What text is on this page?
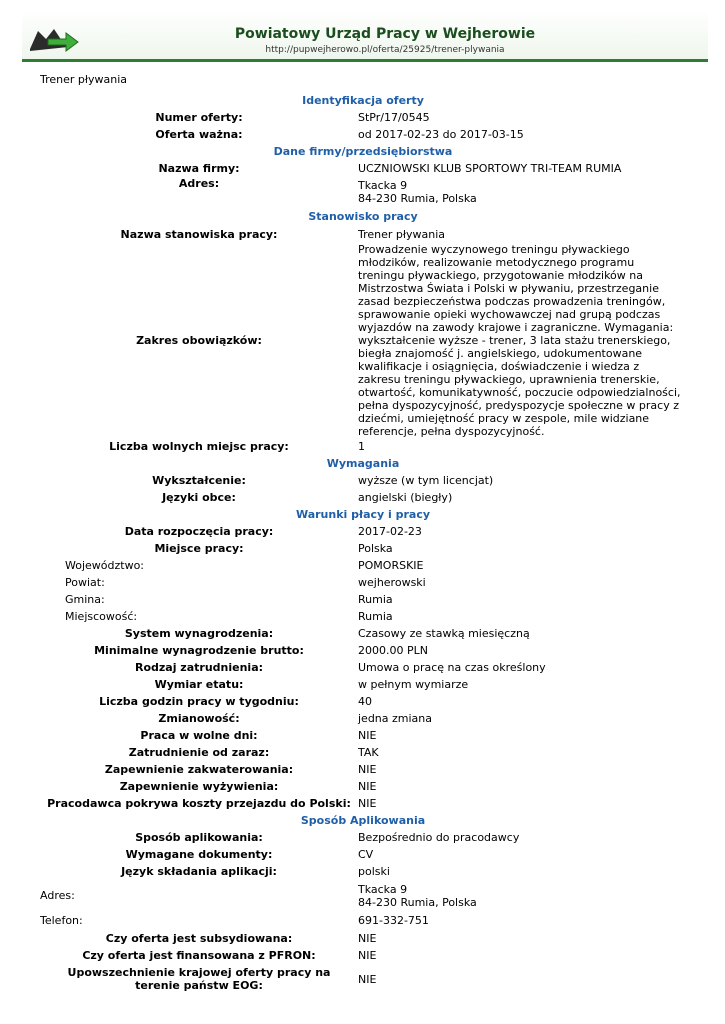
Powiatowy Urząd Pracy w Wejherowie
http://pupwejherowo.pl/oferta/25925/trener-plywania
Trener pływania
Identyfikacja oferty	
Numer oferty:	StPr/17/0545
Oferta ważna:	od 2017-02-23 do 2017-03-15
Dane firmy/przedsiębiorstwa	
Nazwa firmy:	UCZNIOWSKI KLUB SPORTOWY TRI-TEAM RUMIA
Adres:	Tkacka 9
84-230 Rumia, Polska

Stanowisko pracy	
Nazwa stanowiska pracy:	Trener pływania
Zakres obowiązków:	Prowadzenie wyczynowego treningu pływackiego młodzików, realizowanie metodycznego programu treningu pływackiego, przygotowanie młodzików na Mistrzostwa Świata i Polski w pływaniu, przestrzeganie zasad bezpieczeństwa podczas prowadzenia treningów, sprawowanie opieki wychowawczej nad grupą podczas wyjazdów na zawody krajowe i zagraniczne. Wymagania: wykształcenie wyższe - trener, 3 lata stażu trenerskiego, biegła znajomość j. angielskiego, udokumentowane kwalifikacje i osiągnięcia, doświadczenie i wiedza z zakresu treningu pływackiego, uprawnienia trenerskie, otwartość, komunikatywność, poczucie odpowiedzialności, pełna dyspozycyjność, predyspozycje społeczne w pracy z dziećmi, umiejętność pracy w zespole, mile widziane referencje, pełna dyspozycyjność.
Liczba wolnych miejsc pracy:	1
Wymagania	
Wykształcenie:	wyższe (w tym licencjat)
Języki obce:	angielski (biegły)
Warunki płacy i pracy	
Data rozpoczęcia pracy:	2017-02-23
Miejsce pracy:	Polska
Województwo:	POMORSKIE
Powiat:	wejherowski
Gmina:	Rumia
Miejscowość:	Rumia
System wynagrodzenia:	Czasowy ze stawką miesięczną
Minimalne wynagrodzenie brutto:	2000.00 PLN
Rodzaj zatrudnienia:	Umowa o pracę na czas określony
Wymiar etatu:	w pełnym wymiarze
Liczba godzin pracy w tygodniu:	40
Zmianowość:	jedna zmiana
Praca w wolne dni:	NIE
Zatrudnienie od zaraz:	TAK
Zapewnienie zakwaterowania:	NIE
Zapewnienie wyżywienia:	NIE
Pracodawca pokrywa koszty przejazdu do Polski:	NIE
Sposób Aplikowania	
Sposób aplikowania:	Bezpośrednio do pracodawcy
Wymagane dokumenty:	CV
Język składania aplikacji:	polski
Adres:	Tkacka 9
84-230 Rumia, Polska

Telefon:	691-332-751
Czy oferta jest subsydiowana:	NIE
Czy oferta jest finansowana z PFRON:	NIE
Upowszechnienie krajowej oferty pracy na terenie państw EOG:	NIE
